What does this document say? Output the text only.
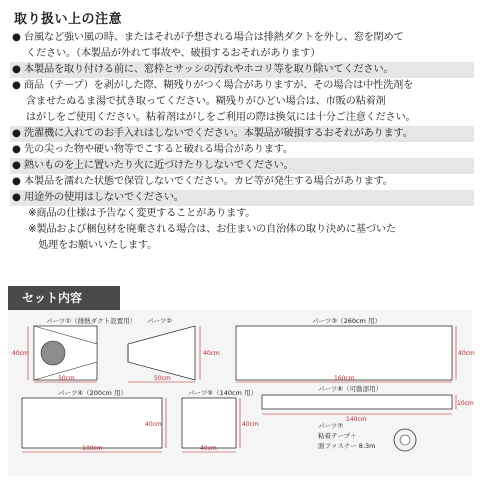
取り扱い上の注意
● 台風など強い風の時、またはそれが予想される場合は排熱ダクトを外し、窓を閉めて
ください。（本製品が外れて事故や、破損するおそれがあります）
● 本製品を取り付ける前に、窓枠とサッシの汚れやホコリ等を取り除いてください。
● 商品（テープ）を剥がした際、糊残りがつく場合がありますが、その場合は中性洗剤を
含ませたぬるま湯で拭き取ってください。糊残りがひどい場合は、市販の粘着剤
はがしをご使用ください。粘着剤はがしをご利用の際は換気には十分ご注意ください。
● 洗濯機に入れてのお手入れはしないでください。本製品が破損するおそれがあります。
● 先の尖った物や硬い物等でこすると破れる場合があります。
● 熱いものを上に置いたり火に近づけたりしないでください。
● 本製品を濡れた状態で保管しないでください。カビ等が発生する場合があります。
● 用途外の使用はしないでください。
※商品の仕様は予告なく変更することがあります。
※製品および梱包材を廃棄される場合は、お住まいの自治体の取り決めに基づいた
処理をお願いいたします。
セット内容
パーツ①（排熱ダクト設置用）
40cm
50cm
パーツ②
40cm
50cm
パーツ③（260cm 用）
40cm
160cm
パーツ④（200cm 用）
40cm
100cm
パーツ⑤（140cm 用）
40cm
40cm
パーツ⑥（可動部用）
10cm
140cm
パーツ⑦
粘着テープ＋
面ファスナー 8.3m
